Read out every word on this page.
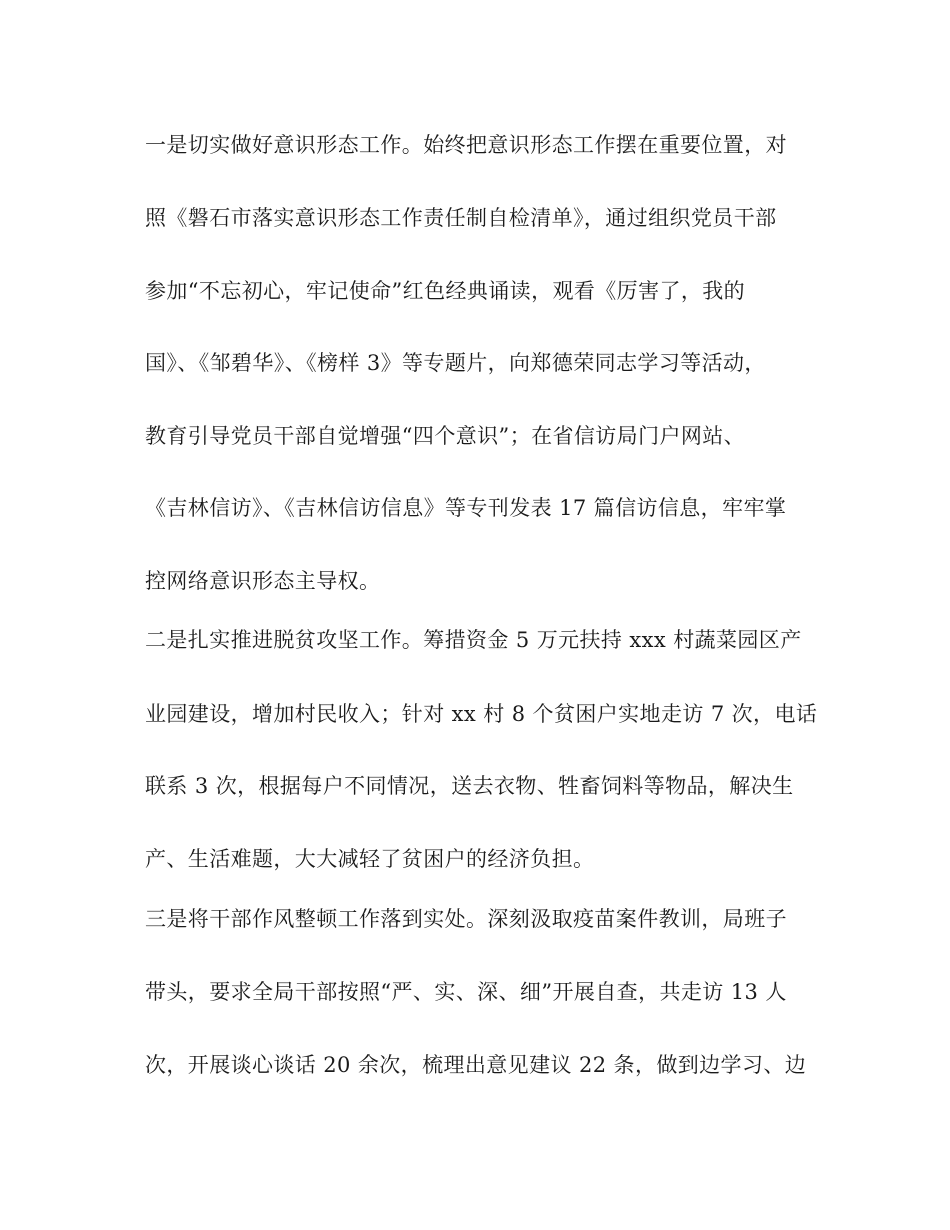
一是切实做好意识形态工作。始终把意识形态工作摆在重要位置，对
照《磐石市落实意识形态工作责任制自检清单》，通过组织党员干部
参加“不忘初心，牢记使命”红色经典诵读，观看《厉害了，我的
国》、《邹碧华》、《榜样 3》等专题片，向郑德荣同志学习等活动，
教育引导党员干部自觉增强“四个意识”；在省信访局门户网站、
《吉林信访》、《吉林信访信息》等专刊发表 17 篇信访信息，牢牢掌
控网络意识形态主导权。
二是扎实推进脱贫攻坚工作。筹措资金 5 万元扶持 xxx 村蔬菜园区产
业园建设，增加村民收入；针对 xx 村 8 个贫困户实地走访 7 次，电话
联系 3 次，根据每户不同情况，送去衣物、牲畜饲料等物品，解决生
产、生活难题，大大减轻了贫困户的经济负担。
三是将干部作风整顿工作落到实处。深刻汲取疫苗案件教训，局班子
带头，要求全局干部按照“严、实、深、细”开展自查，共走访 13 人
次，开展谈心谈话 20 余次，梳理出意见建议 22 条，做到边学习、边
